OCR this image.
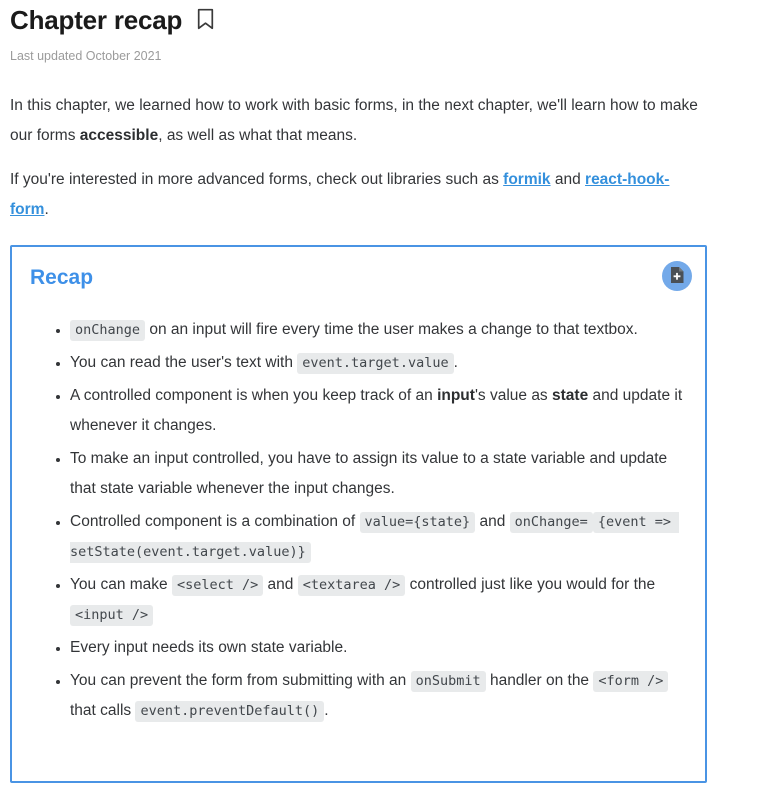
Chapter recap
Last updated October 2021

In this chapter, we learned how to work with basic forms, in the next chapter, we'll learn how to make our forms accessible, as well as what that means.

If you're interested in more advanced forms, check out libraries such as formik and react-hook-form.

Recap
• onChange on an input will fire every time the user makes a change to that textbox.
• You can read the user's text with event.target.value .
• A controlled component is when you keep track of an input's value as state and update it whenever it changes.
• To make an input controlled, you have to assign its value to a state variable and update that state variable whenever the input changes.
• Controlled component is a combination of value={state} and onChange= {event => setState(event.target.value)}
• You can make <select /> and <textarea /> controlled just like you would for the <input />
• Every input needs its own state variable.
• You can prevent the form from submitting with an onSubmit handler on the <form /> that calls event.preventDefault() .
